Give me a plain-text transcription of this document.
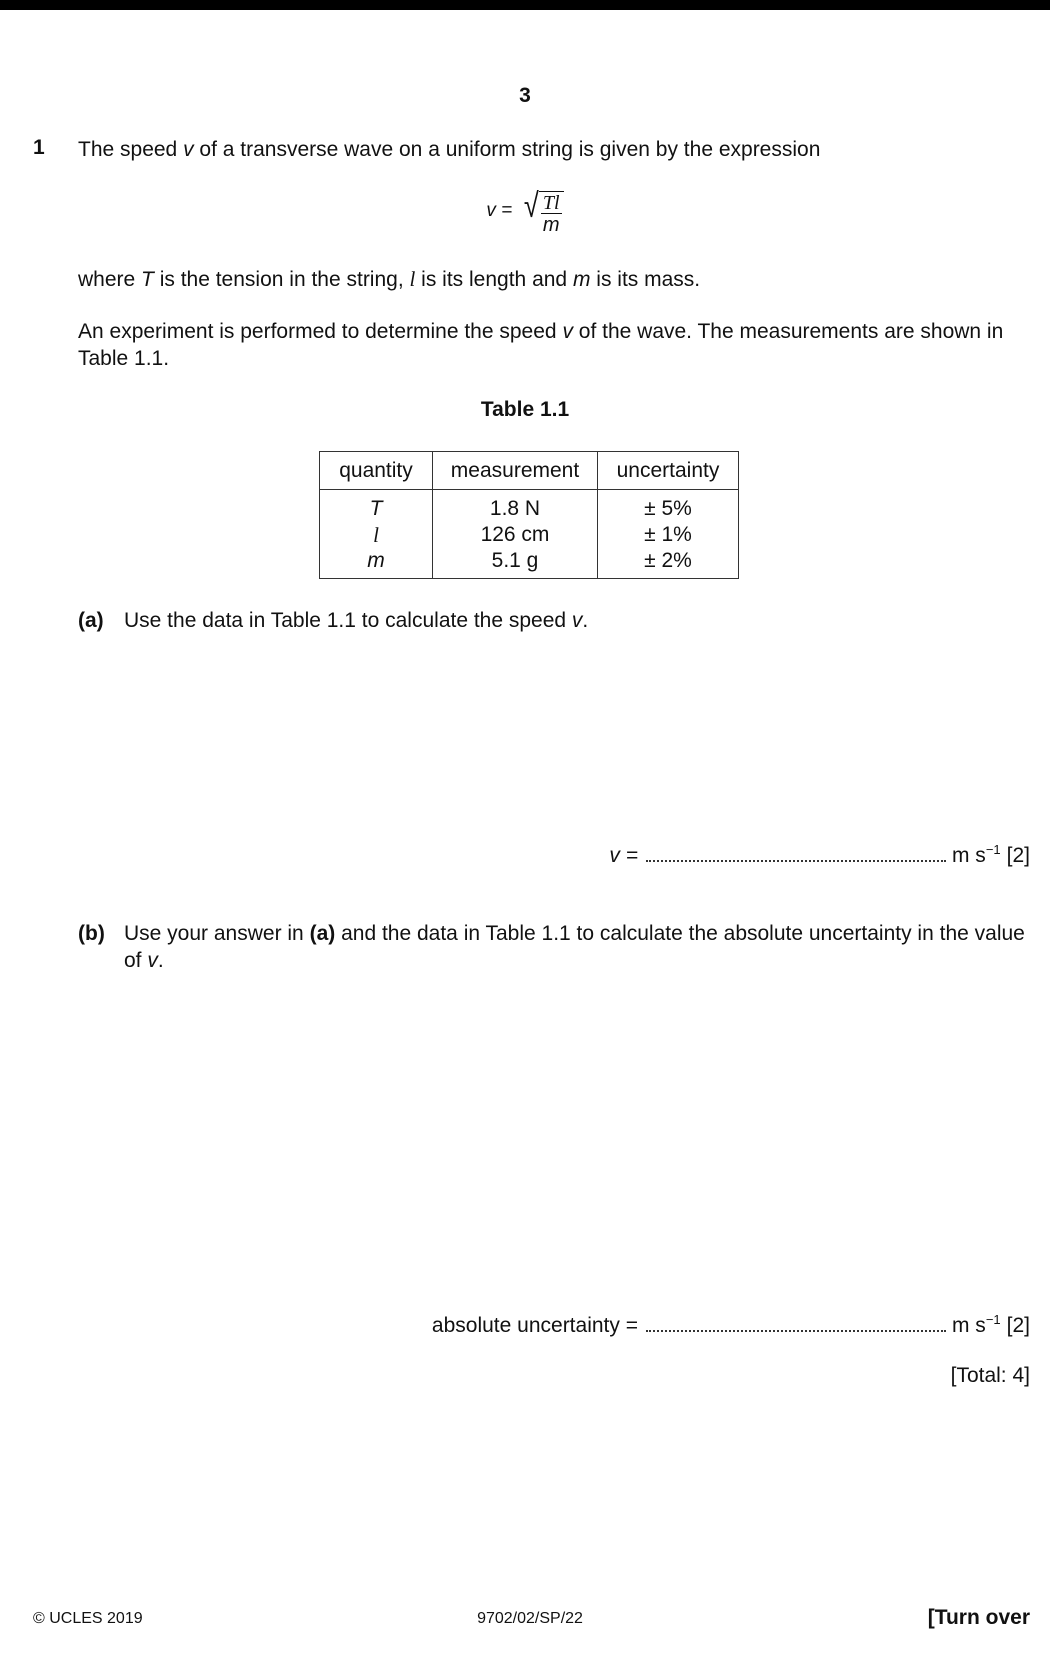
3
1 The speed v of a transverse wave on a uniform string is given by the expression
v = √ $\frac{Tl}{m}$
where T is the tension in the string, l is its length and m is its mass.
An experiment is performed to determine the speed v of the wave. The measurements are shown in Table 1.1.
Table 1.1
quantity	measurement	uncertainty
T	1.8 N	± 5%
l	126 cm	± 1%
m	5.1 g	± 2%
(a) Use the data in Table 1.1 to calculate the speed v.
v =	m $s^{-1}$ [2]
(b) Use your answer in (a) and the data in Table 1.1 to calculate the absolute uncertainty in the value of v.
absolute uncertainty =	m $s^{-1}$ [2]
[Total: 4]
© UCLES 2019	9702/02/SP/22	[Turn over
